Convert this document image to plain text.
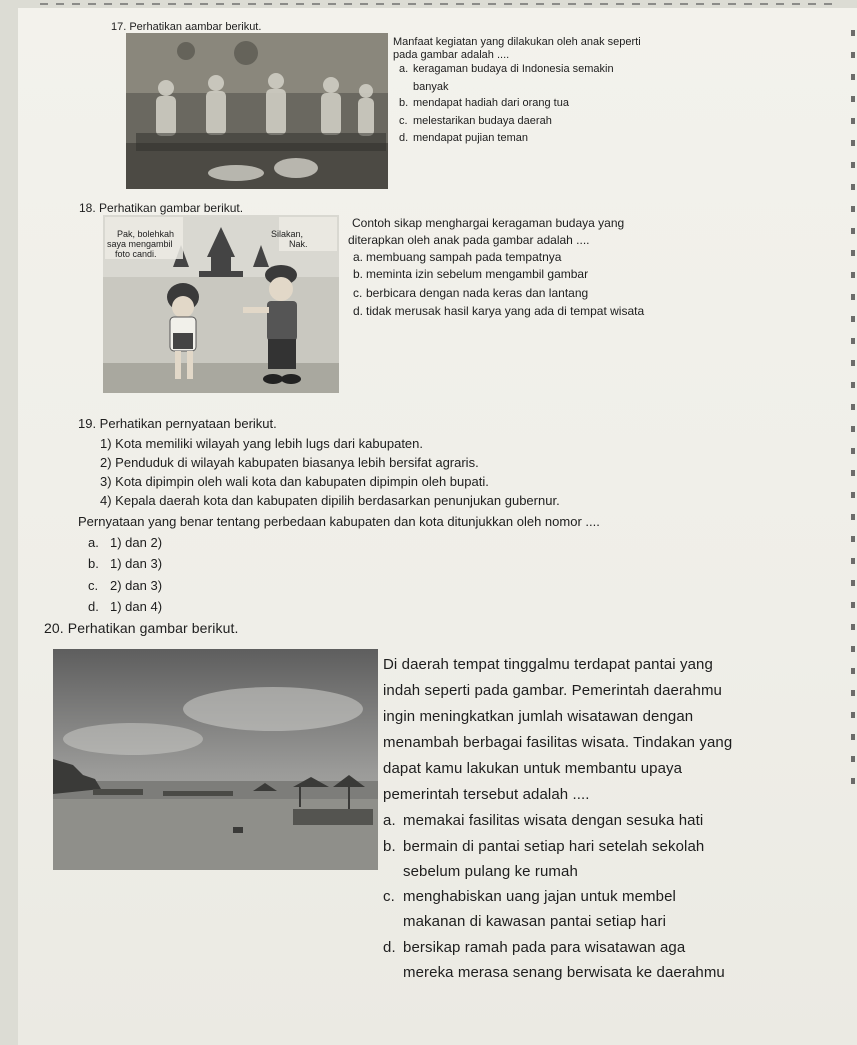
17. Perhatikan aambar berikut.
Manfaat kegiatan yang dilakukan oleh anak seperti
pada gambar adalah ....
a. keragaman budaya di Indonesia semakin
banyak
b. mendapat hadiah dari orang tua
c. melestarikan budaya daerah
d. mendapat pujian teman
18. Perhatikan gambar berikut.
Pak, bolehkah
saya mengambil
foto candi.
Silakan,
Nak.
Contoh sikap menghargai keragaman budaya yang
diterapkan oleh anak pada gambar adalah ....
a. membuang sampah pada tempatnya
b. meminta izin sebelum mengambil gambar
c. berbicara dengan nada keras dan lantang
d. tidak merusak hasil karya yang ada di tempat wisata
19. Perhatikan pernyataan berikut.
1) Kota memiliki wilayah yang lebih lugs dari kabupaten.
2) Penduduk di wilayah kabupaten biasanya lebih bersifat agraris.
3) Kota dipimpin oleh wali kota dan kabupaten dipimpin oleh bupati.
4) Kepala daerah kota dan kabupaten dipilih berdasarkan penunjukan gubernur.
Pernyataan yang benar tentang perbedaan kabupaten dan kota ditunjukkan oleh nomor ....
a. 1) dan 2)
b. 1) dan 3)
c. 2) dan 3)
d. 1) dan 4)
20. Perhatikan gambar berikut.
Di daerah tempat tinggalmu terdapat pantai yang
indah seperti pada gambar. Pemerintah daerahmu
ingin meningkatkan jumlah wisatawan dengan
menambah berbagai fasilitas wisata. Tindakan yang
dapat kamu lakukan untuk membantu upaya
pemerintah tersebut adalah ....
a. memakai fasilitas wisata dengan sesuka hati
b. bermain di pantai setiap hari setelah sekolah
sebelum pulang ke rumah
c. menghabiskan uang jajan untuk membel
makanan di kawasan pantai setiap hari
d. bersikap ramah pada para wisatawan aga
mereka merasa senang berwisata ke daerahmu
